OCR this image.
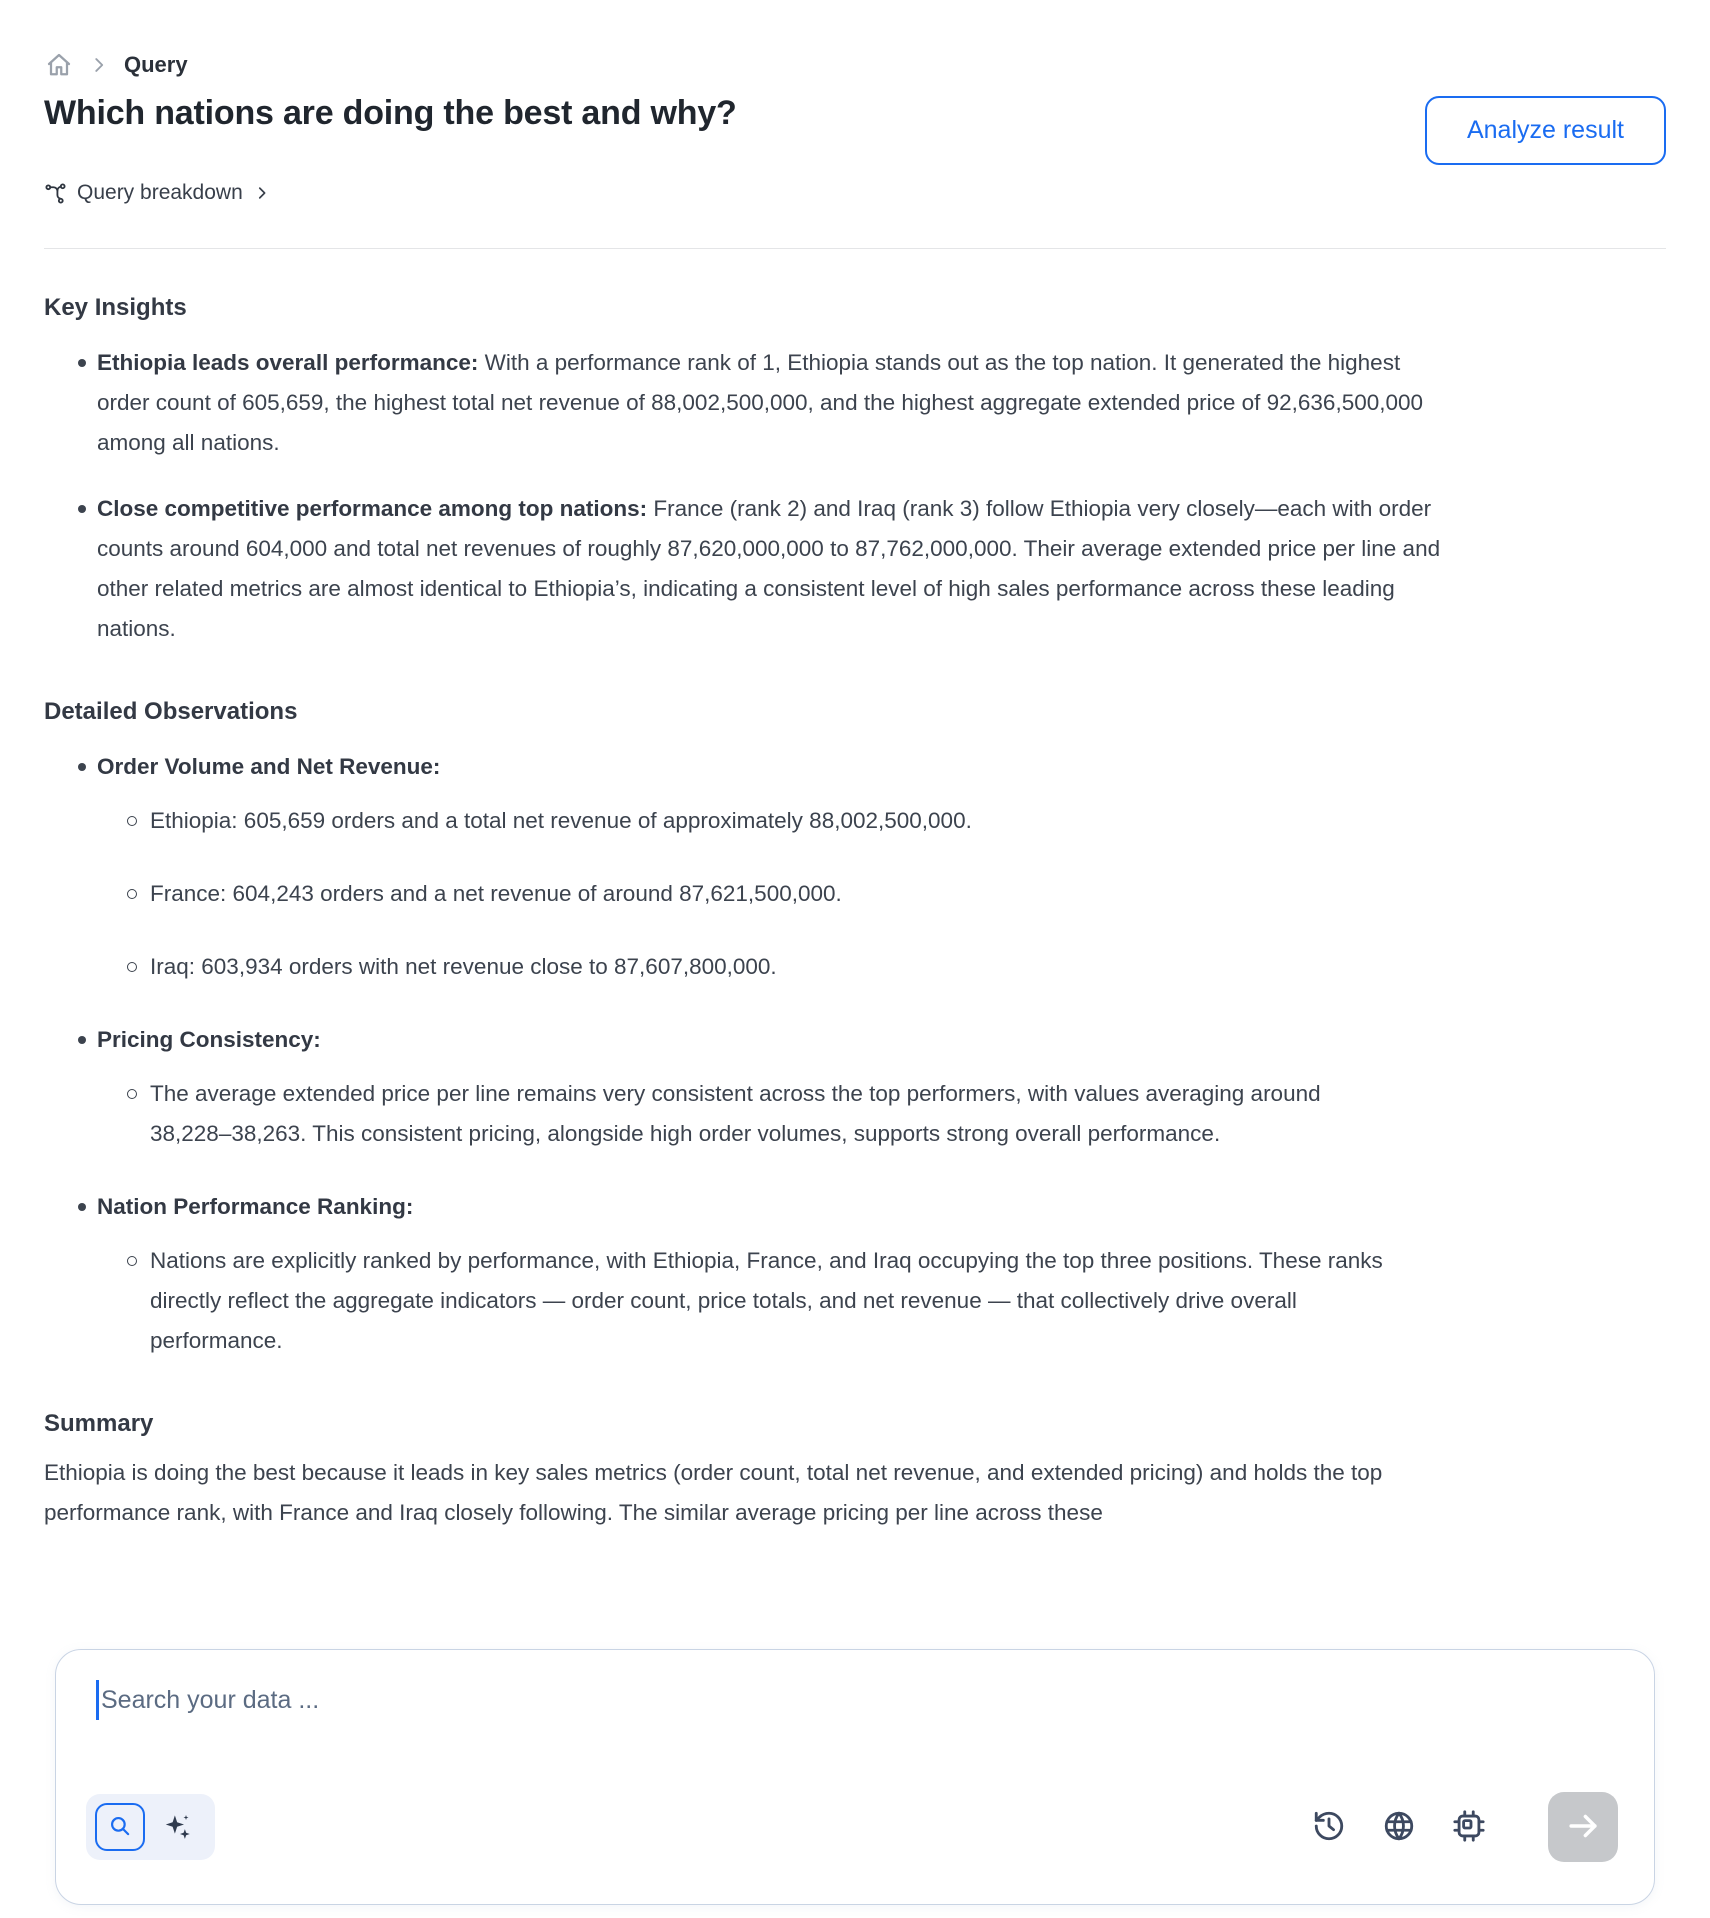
Query
Which nations are doing the best and why?	Analyze result
Query breakdown
Key Insights
Ethiopia leads overall performance: With a performance rank of 1, Ethiopia stands out as the top nation. It generated the highest order count of 605,659, the highest total net revenue of 88,002,500,000, and the highest aggregate extended price of 92,636,500,000 among all nations.
Close competitive performance among top nations: France (rank 2) and Iraq (rank 3) follow Ethiopia very closely—each with order counts around 604,000 and total net revenues of roughly 87,620,000,000 to 87,762,000,000. Their average extended price per line and other related metrics are almost identical to Ethiopia’s, indicating a consistent level of high sales performance across these leading nations.
Detailed Observations
Order Volume and Net Revenue:
Ethiopia: 605,659 orders and a total net revenue of approximately 88,002,500,000.
France: 604,243 orders and a net revenue of around 87,621,500,000.
Iraq: 603,934 orders with net revenue close to 87,607,800,000.
Pricing Consistency:
The average extended price per line remains very consistent across the top performers, with values averaging around 38,228–38,263. This consistent pricing, alongside high order volumes, supports strong overall performance.
Nation Performance Ranking:
Nations are explicitly ranked by performance, with Ethiopia, France, and Iraq occupying the top three positions. These ranks directly reflect the aggregate indicators — order count, price totals, and net revenue — that collectively drive overall performance.
Summary

Ethiopia is doing the best because it leads in key sales metrics (order count, total net revenue, and extended pricing) and holds the top performance rank, with France and Iraq closely following. The similar average pricing per line across these

Search your data ...
